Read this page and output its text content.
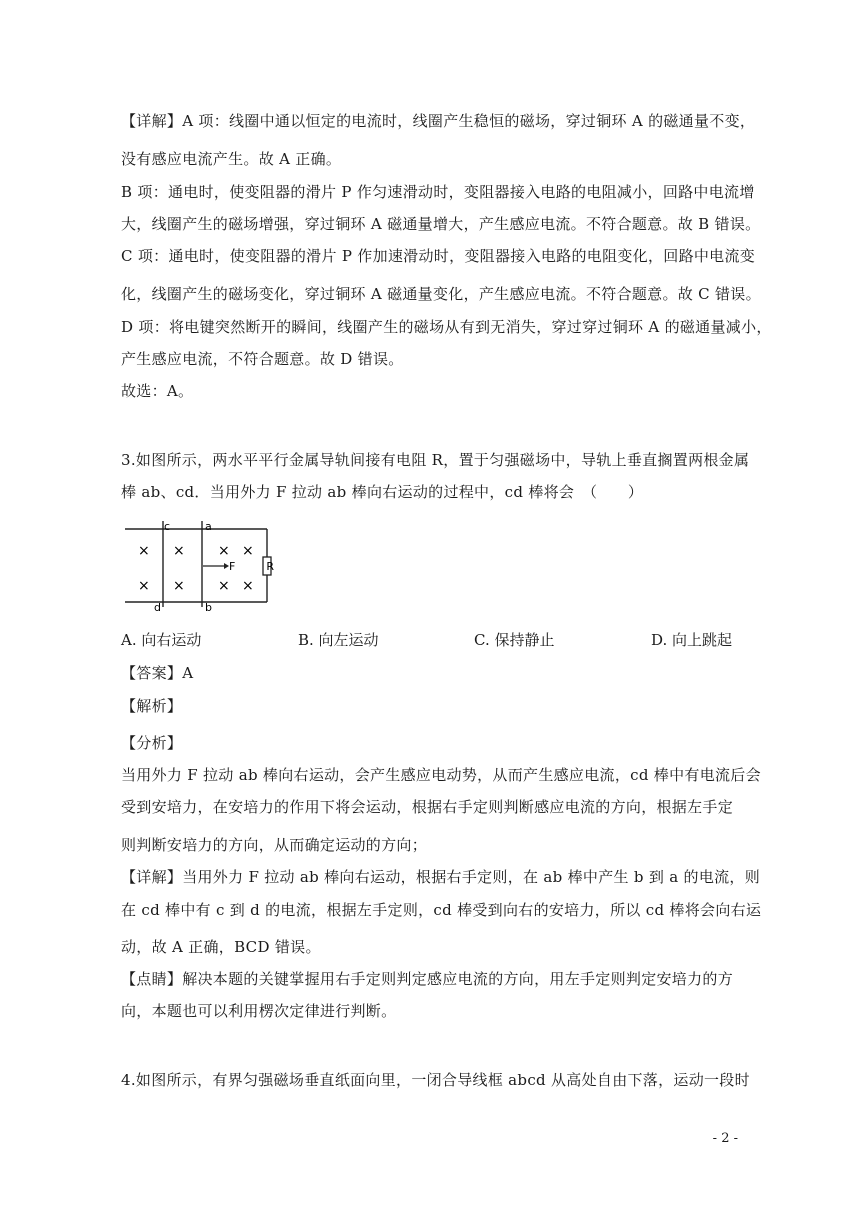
【详解】A 项：线圈中通以恒定的电流时，线圈产生稳恒的磁场，穿过铜环 A 的磁通量不变，
没有感应电流产生。故 A 正确。
B 项：通电时，使变阻器的滑片 P 作匀速滑动时，变阻器接入电路的电阻减小，回路中电流增
大，线圈产生的磁场增强，穿过铜环 A 磁通量增大，产生感应电流。不符合题意。故 B 错误。
C 项：通电时，使变阻器的滑片 P 作加速滑动时，变阻器接入电路的电阻变化，回路中电流变
化，线圈产生的磁场变化，穿过铜环 A 磁通量变化，产生感应电流。不符合题意。故 C 错误。
D 项：将电键突然断开的瞬间，线圈产生的磁场从有到无消失，穿过穿过铜环 A 的磁通量减小，
产生感应电流，不符合题意。故 D 错误。
故选：A。
3.如图所示，两水平平行金属导轨间接有电阻 R，置于匀强磁场中，导轨上垂直搁置两根金属
棒 ab、cd．当用外力 F 拉动 ab 棒向右运动的过程中，cd 棒将会　（　　）
c	a
d	b
R
F
× × × ×
× × × ×
A. 向右运动	B. 向左运动	C. 保持静止	D. 向上跳起
【答案】A
【解析】
【分析】
当用外力 F 拉动 ab 棒向右运动，会产生感应电动势，从而产生感应电流，cd 棒中有电流后会
受到安培力，在安培力的作用下将会运动，根据右手定则判断感应电流的方向，根据左手定
则判断安培力的方向，从而确定运动的方向；
【详解】当用外力 F 拉动 ab 棒向右运动，根据右手定则，在 ab 棒中产生 b 到 a 的电流，则
在 cd 棒中有 c 到 d 的电流，根据左手定则，cd 棒受到向右的安培力，所以 cd 棒将会向右运
动，故 A 正确，BCD 错误。
【点睛】解决本题的关键掌握用右手定则判定感应电流的方向，用左手定则判定安培力的方
向，本题也可以利用楞次定律进行判断。
4.如图所示，有界匀强磁场垂直纸面向里，一闭合导线框 abcd 从高处自由下落，运动一段时
- 2 -
